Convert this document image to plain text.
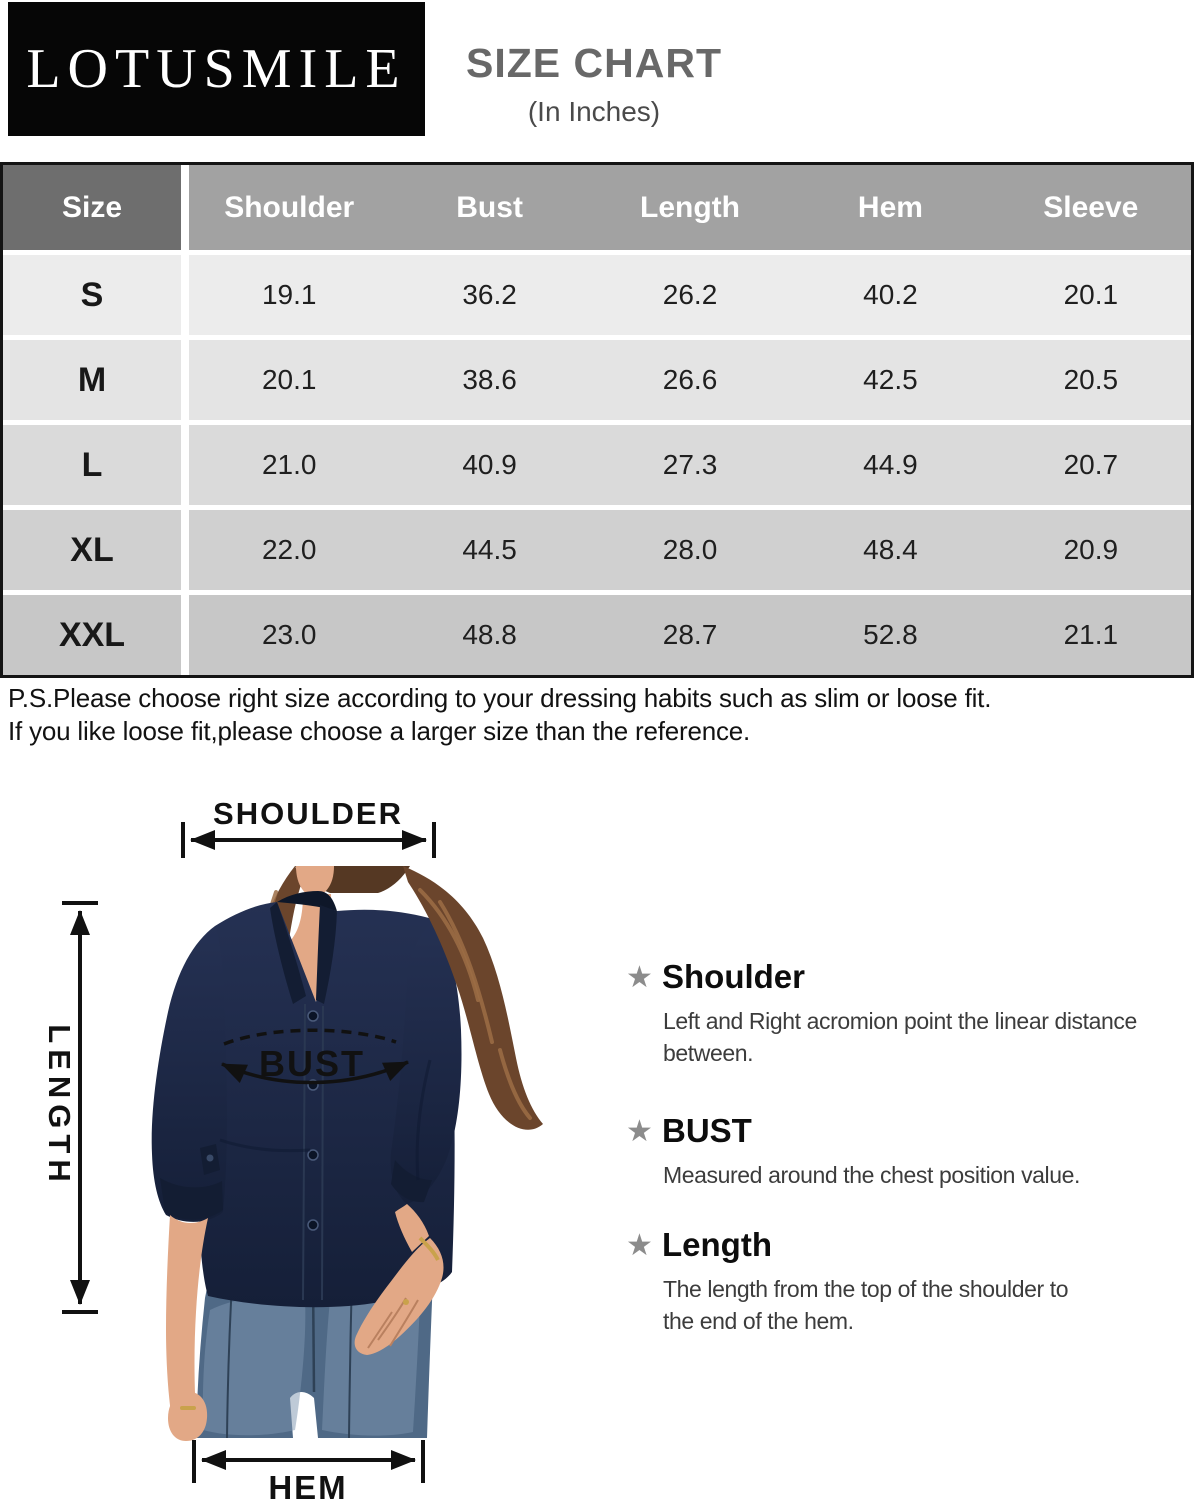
LOTUSMILE	SIZE CHART
(In Inches)
Size	Shoulder	Bust	Length	Hem	Sleeve
S	19.1	36.2	26.2	40.2	20.1
M	20.1	38.6	26.6	42.5	20.5
L	21.0	40.9	27.3	44.9	20.7
XL	22.0	44.5	28.0	48.4	20.9
XXL	23.0	48.8	28.7	52.8	21.1
P.S.Please choose right size according to your dressing habits such as slim or loose fit.
If you like loose fit,please choose a larger size than the reference.
SHOULDER
LENGTH	BUST
HEM
★ Shoulder
Left and Right acromion point the linear distance
between.
★ BUST
Measured around the chest position value.
★ Length
The length from the top of the shoulder to
the end of the hem.
